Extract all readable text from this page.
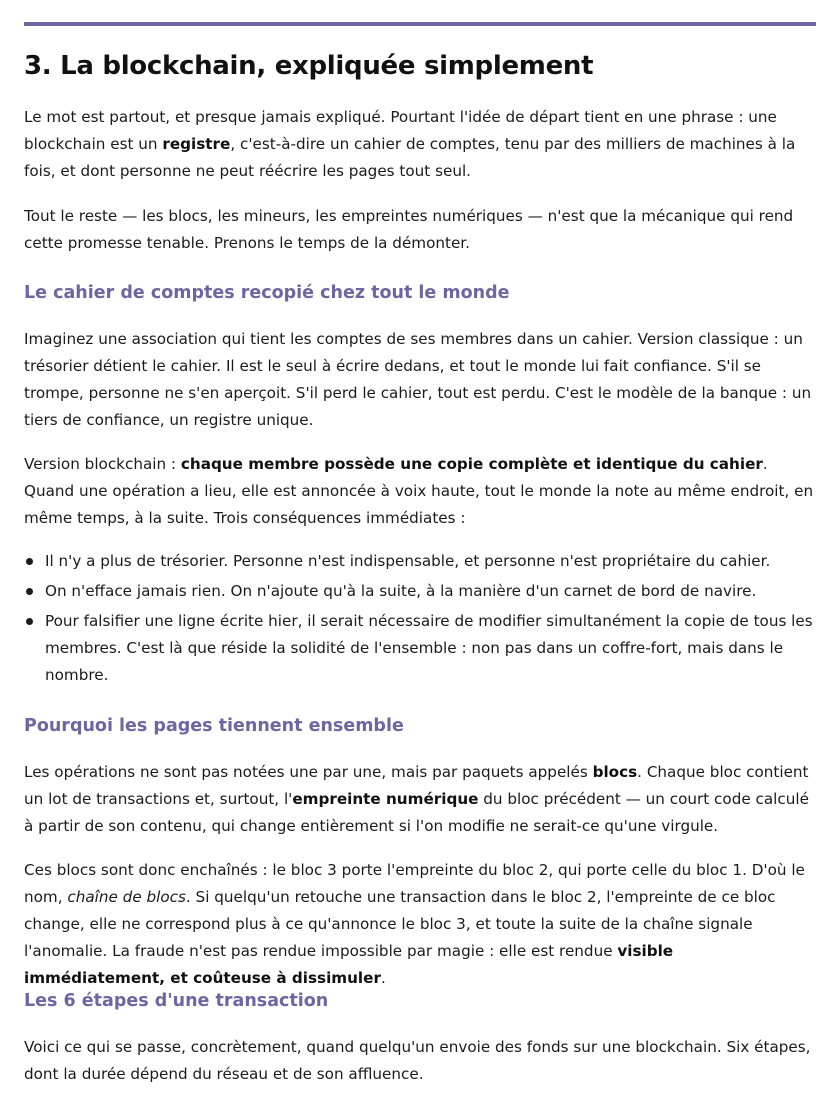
3. La blockchain, expliquée simplement

Le mot est partout, et presque jamais expliqué. Pourtant l'idée de départ tient en une phrase : une blockchain est un registre, c'est-à-dire un cahier de comptes, tenu par des milliers de machines à la fois, et dont personne ne peut réécrire les pages tout seul.

Tout le reste — les blocs, les mineurs, les empreintes numériques — n'est que la mécanique qui rend cette promesse tenable. Prenons le temps de la démonter.

Le cahier de comptes recopié chez tout le monde

Imaginez une association qui tient les comptes de ses membres dans un cahier. Version classique : un trésorier détient le cahier. Il est le seul à écrire dedans, et tout le monde lui fait confiance. S'il se trompe, personne ne s'en aperçoit. S'il perd le cahier, tout est perdu. C'est le modèle de la banque : un tiers de confiance, un registre unique.

Version blockchain : chaque membre possède une copie complète et identique du cahier. Quand une opération a lieu, elle est annoncée à voix haute, tout le monde la note au même endroit, en même temps, à la suite. Trois conséquences immédiates :

Il n'y a plus de trésorier. Personne n'est indispensable, et personne n'est propriétaire du cahier.
On n'efface jamais rien. On n'ajoute qu'à la suite, à la manière d'un carnet de bord de navire.
Pour falsifier une ligne écrite hier, il serait nécessaire de modifier simultanément la copie de tous les membres. C'est là que réside la solidité de l'ensemble : non pas dans un coffre-fort, mais dans le nombre.
Pourquoi les pages tiennent ensemble

Les opérations ne sont pas notées une par une, mais par paquets appelés blocs. Chaque bloc contient un lot de transactions et, surtout, l'empreinte numérique du bloc précédent — un court code calculé à partir de son contenu, qui change entièrement si l'on modifie ne serait-ce qu'une virgule.

Ces blocs sont donc enchaînés : le bloc 3 porte l'empreinte du bloc 2, qui porte celle du bloc 1. D'où le nom, chaîne de blocs. Si quelqu'un retouche une transaction dans le bloc 2, l'empreinte de ce bloc change, elle ne correspond plus à ce qu'annonce le bloc 3, et toute la suite de la chaîne signale l'anomalie. La fraude n'est pas rendue impossible par magie : elle est rendue visible immédiatement, et coûteuse à dissimuler.

Les 6 étapes d'une transaction

Voici ce qui se passe, concrètement, quand quelqu'un envoie des fonds sur une blockchain. Six étapes, dont la durée dépend du réseau et de son affluence.
